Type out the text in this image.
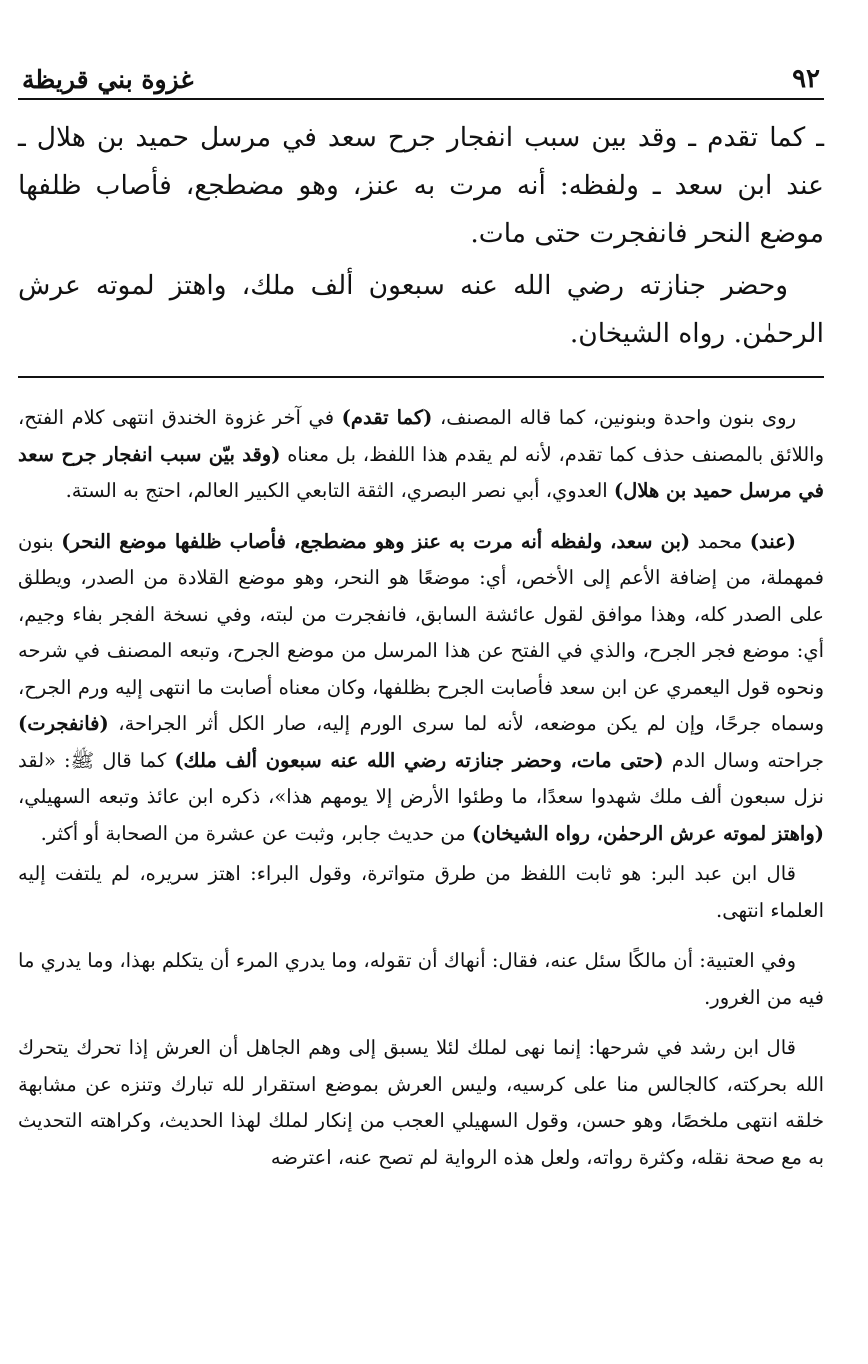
٩٢
غزوة بني قريظة

ـ كما تقدم ـ وقد بين سبب انفجار جرح سعد في مرسل حميد بن هلال ـ عند ابن سعد ـ ولفظه: أنه مرت به عنز، وهو مضطجع، فأصاب ظلفها موضع النحر فانفجرت حتى مات.

وحضر جنازته رضي الله عنه سبعون ألف ملك، واهتز لموته عرش الرحمٰن. رواه الشيخان.

روى بنون واحدة وبنونين، كما قاله المصنف، (كما تقدم) في آخر غزوة الخندق انتهى كلام الفتح، واللائق بالمصنف حذف كما تقدم، لأنه لم يقدم هذا اللفظ، بل معناه (وقد بيّن سبب انفجار جرح سعد في مرسل حميد بن هلال) العدوي، أبي نصر البصري، الثقة التابعي الكبير العالم، احتج به الستة.

(عند) محمد (بن سعد، ولفظه أنه مرت به عنز وهو مضطجع، فأصاب ظلفها موضع النحر) بنون فمهملة، من إضافة الأعم إلى الأخص، أي: موضعًا هو النحر، وهو موضع القلادة من الصدر، ويطلق على الصدر كله، وهذا موافق لقول عائشة السابق، فانفجرت من لبته، وفي نسخة الفجر بفاء وجيم، أي: موضع فجر الجرح، والذي في الفتح عن هذا المرسل من موضع الجرح، وتبعه المصنف في شرحه ونحوه قول اليعمري عن ابن سعد فأصابت الجرح بظلفها، وكان معناه أصابت ما انتهى إليه ورم الجرح، وسماه جرحًا، وإن لم يكن موضعه، لأنه لما سرى الورم إليه، صار الكل أثر الجراحة، (فانفجرت) جراحته وسال الدم (حتى مات، وحضر جنازته رضي الله عنه سبعون ألف ملك) كما قال ﷺ: «لقد نزل سبعون ألف ملك شهدوا سعدًا، ما وطئوا الأرض إلا يومهم هذا»، ذكره ابن عائذ وتبعه السهيلي، (واهتز لموته عرش الرحمٰن، رواه الشيخان) من حديث جابر، وثبت عن عشرة من الصحابة أو أكثر.

قال ابن عبد البر: هو ثابت اللفظ من طرق متواترة، وقول البراء: اهتز سريره، لم يلتفت إليه العلماء انتهى.

وفي العتبية: أن مالكًا سئل عنه، فقال: أنهاك أن تقوله، وما يدري المرء أن يتكلم بهذا، وما يدري ما فيه من الغرور.

قال ابن رشد في شرحها: إنما نهى لملك لئلا يسبق إلى وهم الجاهل أن العرش إذا تحرك يتحرك الله بحركته، كالجالس منا على كرسيه، وليس العرش بموضع استقرار لله تبارك وتنزه عن مشابهة خلقه انتهى ملخصًا، وهو حسن، وقول السهيلي العجب من إنكار لملك لهذا الحديث، وكراهته التحديث به مع صحة نقله، وكثرة رواته، ولعل هذه الرواية لم تصح عنه، اعترضه
